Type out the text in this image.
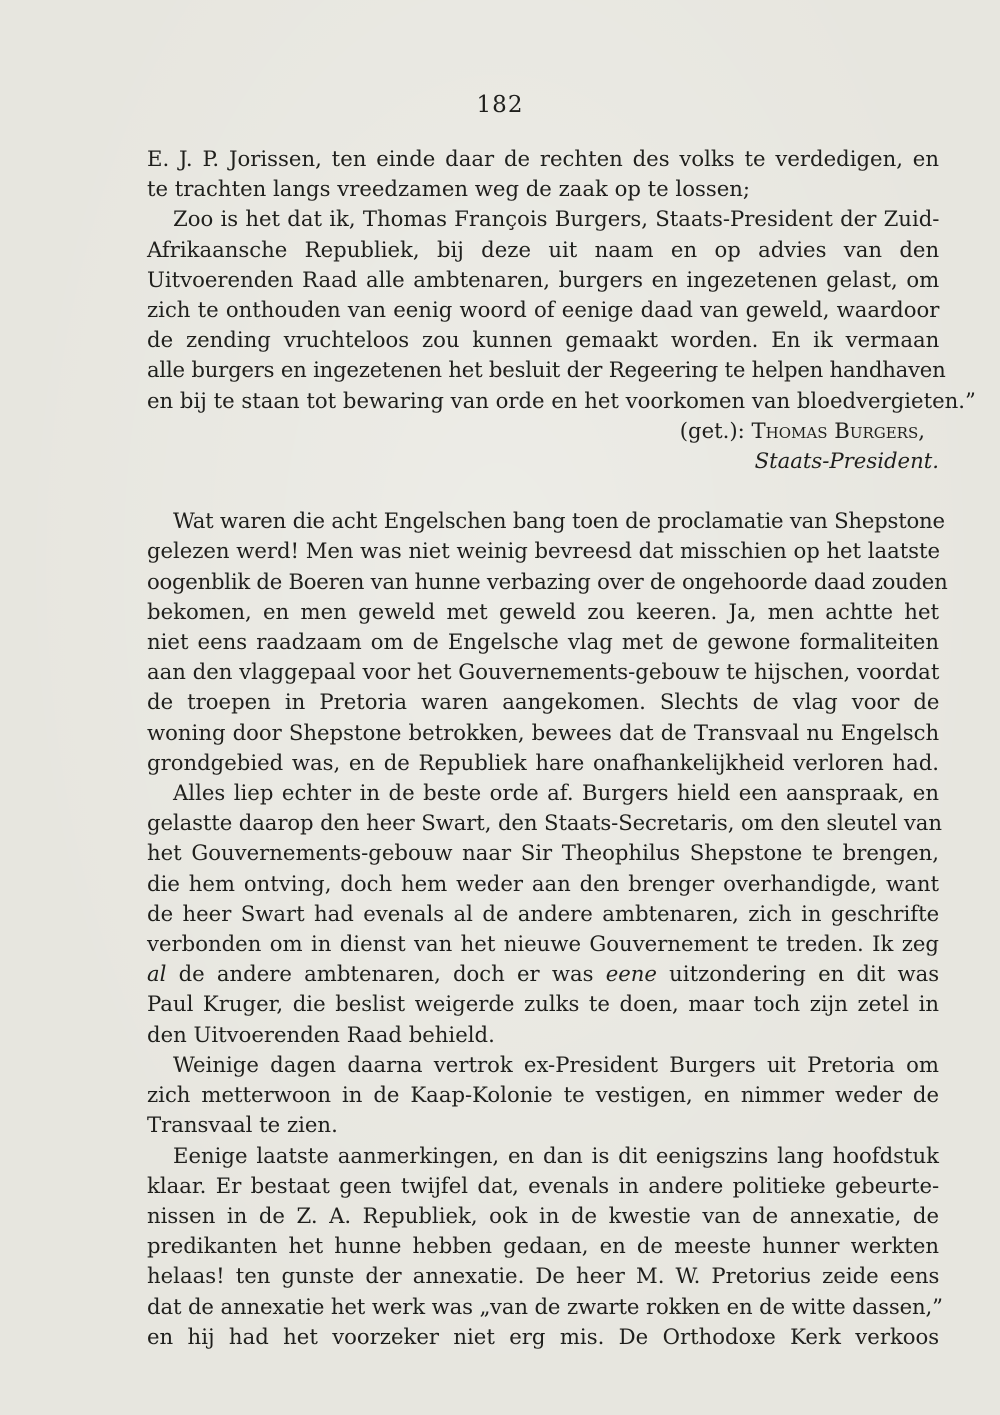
182
E. J. P. Jorissen, ten einde daar de rechten des volks te verdedigen, en
te trachten langs vreedzamen weg de zaak op te lossen;
Zoo is het dat ik, Thomas François Burgers, Staats-President der Zuid-
Afrikaansche Republiek, bij deze uit naam en op advies van den
Uitvoerenden Raad alle ambtenaren, burgers en ingezetenen gelast, om
zich te onthouden van eenig woord of eenige daad van geweld, waardoor
de zending vruchteloos zou kunnen gemaakt worden. En ik vermaan
alle burgers en ingezetenen het besluit der Regeering te helpen handhaven
en bij te staan tot bewaring van orde en het voorkomen van bloedvergieten.”
(get.): Thomas Burgers,
Staats-President.
Wat waren die acht Engelschen bang toen de proclamatie van Shepstone
gelezen werd! Men was niet weinig bevreesd dat misschien op het laatste
oogenblik de Boeren van hunne verbazing over de ongehoorde daad zouden
bekomen, en men geweld met geweld zou keeren. Ja, men achtte het
niet eens raadzaam om de Engelsche vlag met de gewone formaliteiten
aan den vlaggepaal voor het Gouvernements-gebouw te hijschen, voordat
de troepen in Pretoria waren aangekomen. Slechts de vlag voor de
woning door Shepstone betrokken, bewees dat de Transvaal nu Engelsch
grondgebied was, en de Republiek hare onafhankelijkheid verloren had.
Alles liep echter in de beste orde af. Burgers hield een aanspraak, en
gelastte daarop den heer Swart, den Staats-Secretaris, om den sleutel van
het Gouvernements-gebouw naar Sir Theophilus Shepstone te brengen,
die hem ontving, doch hem weder aan den brenger overhandigde, want
de heer Swart had evenals al de andere ambtenaren, zich in geschrifte
verbonden om in dienst van het nieuwe Gouvernement te treden. Ik zeg
al de andere ambtenaren, doch er was eene uitzondering en dit was
Paul Kruger, die beslist weigerde zulks te doen, maar toch zijn zetel in
den Uitvoerenden Raad behield.
Weinige dagen daarna vertrok ex-President Burgers uit Pretoria om
zich metterwoon in de Kaap-Kolonie te vestigen, en nimmer weder de
Transvaal te zien.
Eenige laatste aanmerkingen, en dan is dit eenigszins lang hoofdstuk
klaar. Er bestaat geen twijfel dat, evenals in andere politieke gebeurte-
nissen in de Z. A. Republiek, ook in de kwestie van de annexatie, de
predikanten het hunne hebben gedaan, en de meeste hunner werkten
helaas! ten gunste der annexatie. De heer M. W. Pretorius zeide eens
dat de annexatie het werk was „van de zwarte rokken en de witte dassen,”
en hij had het voorzeker niet erg mis. De Orthodoxe Kerk verkoos
